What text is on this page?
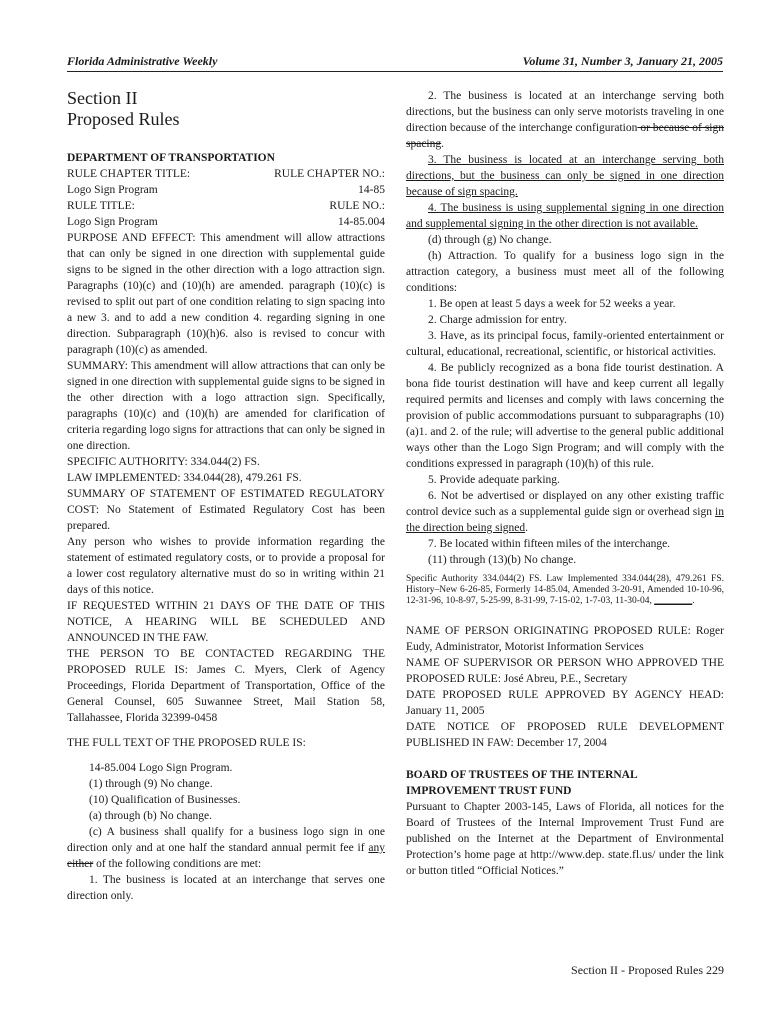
Florida Administrative Weekly	Volume 31, Number 3, January 21, 2005

Section II

Proposed Rules

DEPARTMENT OF TRANSPORTATION

RULE CHAPTER TITLE:	RULE CHAPTER NO.:
Logo Sign Program	14-85
RULE TITLE:	RULE NO.:
Logo Sign Program	14-85.004

PURPOSE AND EFFECT: This amendment will allow attractions that can only be signed in one direction with supplemental guide signs to be signed in the other direction with a logo attraction sign. Paragraphs (10)(c) and (10)(h) are amended. paragraph (10)(c) is revised to split out part of one condition relating to sign spacing into a new 3. and to add a new condition 4. regarding signing in one direction. Subparagraph (10)(h)6. also is revised to concur with paragraph (10)(c) as amended.

SUMMARY: This amendment will allow attractions that can only be signed in one direction with supplemental guide signs to be signed in the other direction with a logo attraction sign. Specifically, paragraphs (10)(c) and (10)(h) are amended for clarification of criteria regarding logo signs for attractions that can only be signed in one direction.

SPECIFIC AUTHORITY: 334.044(2) FS.

LAW IMPLEMENTED: 334.044(28), 479.261 FS.

SUMMARY OF STATEMENT OF ESTIMATED REGULATORY COST: No Statement of Estimated Regulatory Cost has been prepared.

Any person who wishes to provide information regarding the statement of estimated regulatory costs, or to provide a proposal for a lower cost regulatory alternative must do so in writing within 21 days of this notice.

IF REQUESTED WITHIN 21 DAYS OF THE DATE OF THIS NOTICE, A HEARING WILL BE SCHEDULED AND ANNOUNCED IN THE FAW.

THE PERSON TO BE CONTACTED REGARDING THE PROPOSED RULE IS: James C. Myers, Clerk of Agency Proceedings, Florida Department of Transportation, Office of the General Counsel, 605 Suwannee Street, Mail Station 58, Tallahassee, Florida 32399-0458

THE FULL TEXT OF THE PROPOSED RULE IS:

14-85.004 Logo Sign Program.

(1) through (9) No change.

(10) Qualification of Businesses.

(a) through (b) No change.

(c) A business shall qualify for a business logo sign in one direction only and at one half the standard annual permit fee if any either of the following conditions are met:

1. The business is located at an interchange that serves one direction only.

2. The business is located at an interchange serving both directions, but the business can only serve motorists traveling in one direction because of the interchange configuration or because of sign spacing.

3. The business is located at an interchange serving both directions, but the business can only be signed in one direction because of sign spacing.

4. The business is using supplemental signing in one direction and supplemental signing in the other direction is not available.

(d) through (g) No change.

(h) Attraction. To qualify for a business logo sign in the attraction category, a business must meet all of the following conditions:

1. Be open at least 5 days a week for 52 weeks a year.

2. Charge admission for entry.

3. Have, as its principal focus, family-oriented entertainment or cultural, educational, recreational, scientific, or historical activities.

4. Be publicly recognized as a bona fide tourist destination. A bona fide tourist destination will have and keep current all legally required permits and licenses and comply with laws concerning the provision of public accommodations pursuant to subparagraphs (10)(a)1. and 2. of the rule; will advertise to the general public additional ways other than the Logo Sign Program; and will comply with the conditions expressed in paragraph (10)(h) of this rule.

5. Provide adequate parking.

6. Not be advertised or displayed on any other existing traffic control device such as a supplemental guide sign or overhead sign in the direction being signed.

7. Be located within fifteen miles of the interchange.

(11) through (13)(b) No change.

Specific Authority 334.044(2) FS. Law Implemented 334.044(28), 479.261 FS. History–New 6-26-85, Formerly 14-85.04, Amended 3-20-91, Amended 10-10-96, 12-31-96, 10-8-97, 5-25-99, 8-31-99, 7-15-02, 1-7-03, 11-30-04, ________.

NAME OF PERSON ORIGINATING PROPOSED RULE: Roger Eudy, Administrator, Motorist Information Services

NAME OF SUPERVISOR OR PERSON WHO APPROVED THE PROPOSED RULE: José Abreu, P.E., Secretary

DATE PROPOSED RULE APPROVED BY AGENCY HEAD: January 11, 2005

DATE NOTICE OF PROPOSED RULE DEVELOPMENT PUBLISHED IN FAW: December 17, 2004

BOARD OF TRUSTEES OF THE INTERNAL

IMPROVEMENT TRUST FUND

Pursuant to Chapter 2003-145, Laws of Florida, all notices for the Board of Trustees of the Internal Improvement Trust Fund are published on the Internet at the Department of Environmental Protection’s home page at http://www.dep. state.fl.us/ under the link or button titled “Official Notices.”

Section II - Proposed Rules 229
